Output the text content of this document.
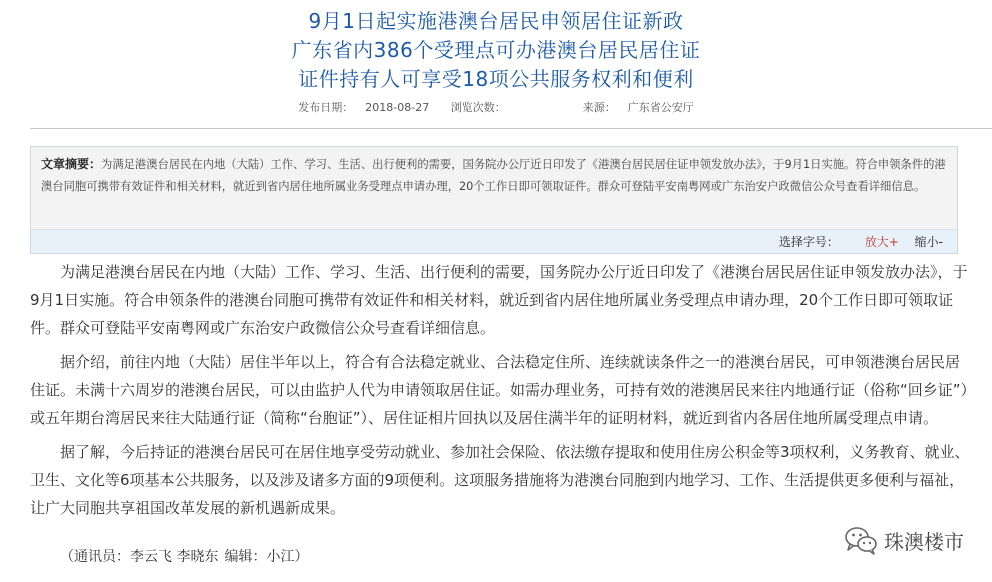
9月1日起实施港澳台居民申领居住证新政
广东省内386个受理点可办港澳台居民居住证
证件持有人可享受18项公共服务权利和便利
发布日期： 2018-08-27 浏览次数：	来源： 广东省公安厅
文章摘要：为满足港澳台居民在内地（大陆）工作、学习、生活、出行便利的需要，国务院办公厅近日印发了《港澳台居民居住证申领发放办法》，于9月1日实施。符合申领条件的港澳台同胞可携带有效证件和相关材料，就近到省内居住地所属业务受理点申请办理，20个工作日即可领取证件。群众可登陆平安南粤网或广东治安户政微信公众号查看详细信息。
选择字号： 放大+ 缩小-

为满足港澳台居民在内地（大陆）工作、学习、生活、出行便利的需要，国务院办公厅近日印发了《港澳台居民居住证申领发放办法》，于9月1日实施。符合申领条件的港澳台同胞可携带有效证件和相关材料，就近到省内居住地所属业务受理点申请办理，20个工作日即可领取证件。群众可登陆平安南粤网或广东治安户政微信公众号查看详细信息。

据介绍，前往内地（大陆）居住半年以上，符合有合法稳定就业、合法稳定住所、连续就读条件之一的港澳台居民，可申领港澳台居民居住证。未满十六周岁的港澳台居民，可以由监护人代为申请领取居住证。如需办理业务，可持有效的港澳居民来往内地通行证（俗称“回乡证”）或五年期台湾居民来往大陆通行证（简称“台胞证”）、居住证相片回执以及居住满半年的证明材料，就近到省内各居住地所属受理点申请。

据了解，今后持证的港澳台居民可在居住地享受劳动就业、参加社会保险、依法缴存提取和使用住房公积金等3项权利，义务教育、就业、卫生、文化等6项基本公共服务，以及涉及诸多方面的9项便利。这项服务措施将为港澳台同胞到内地学习、工作、生活提供更多便利与福祉，让广大同胞共享祖国改革发展的新机遇新成果。

（通讯员：李云飞 李晓东 编辑：小江）
珠澳楼市
